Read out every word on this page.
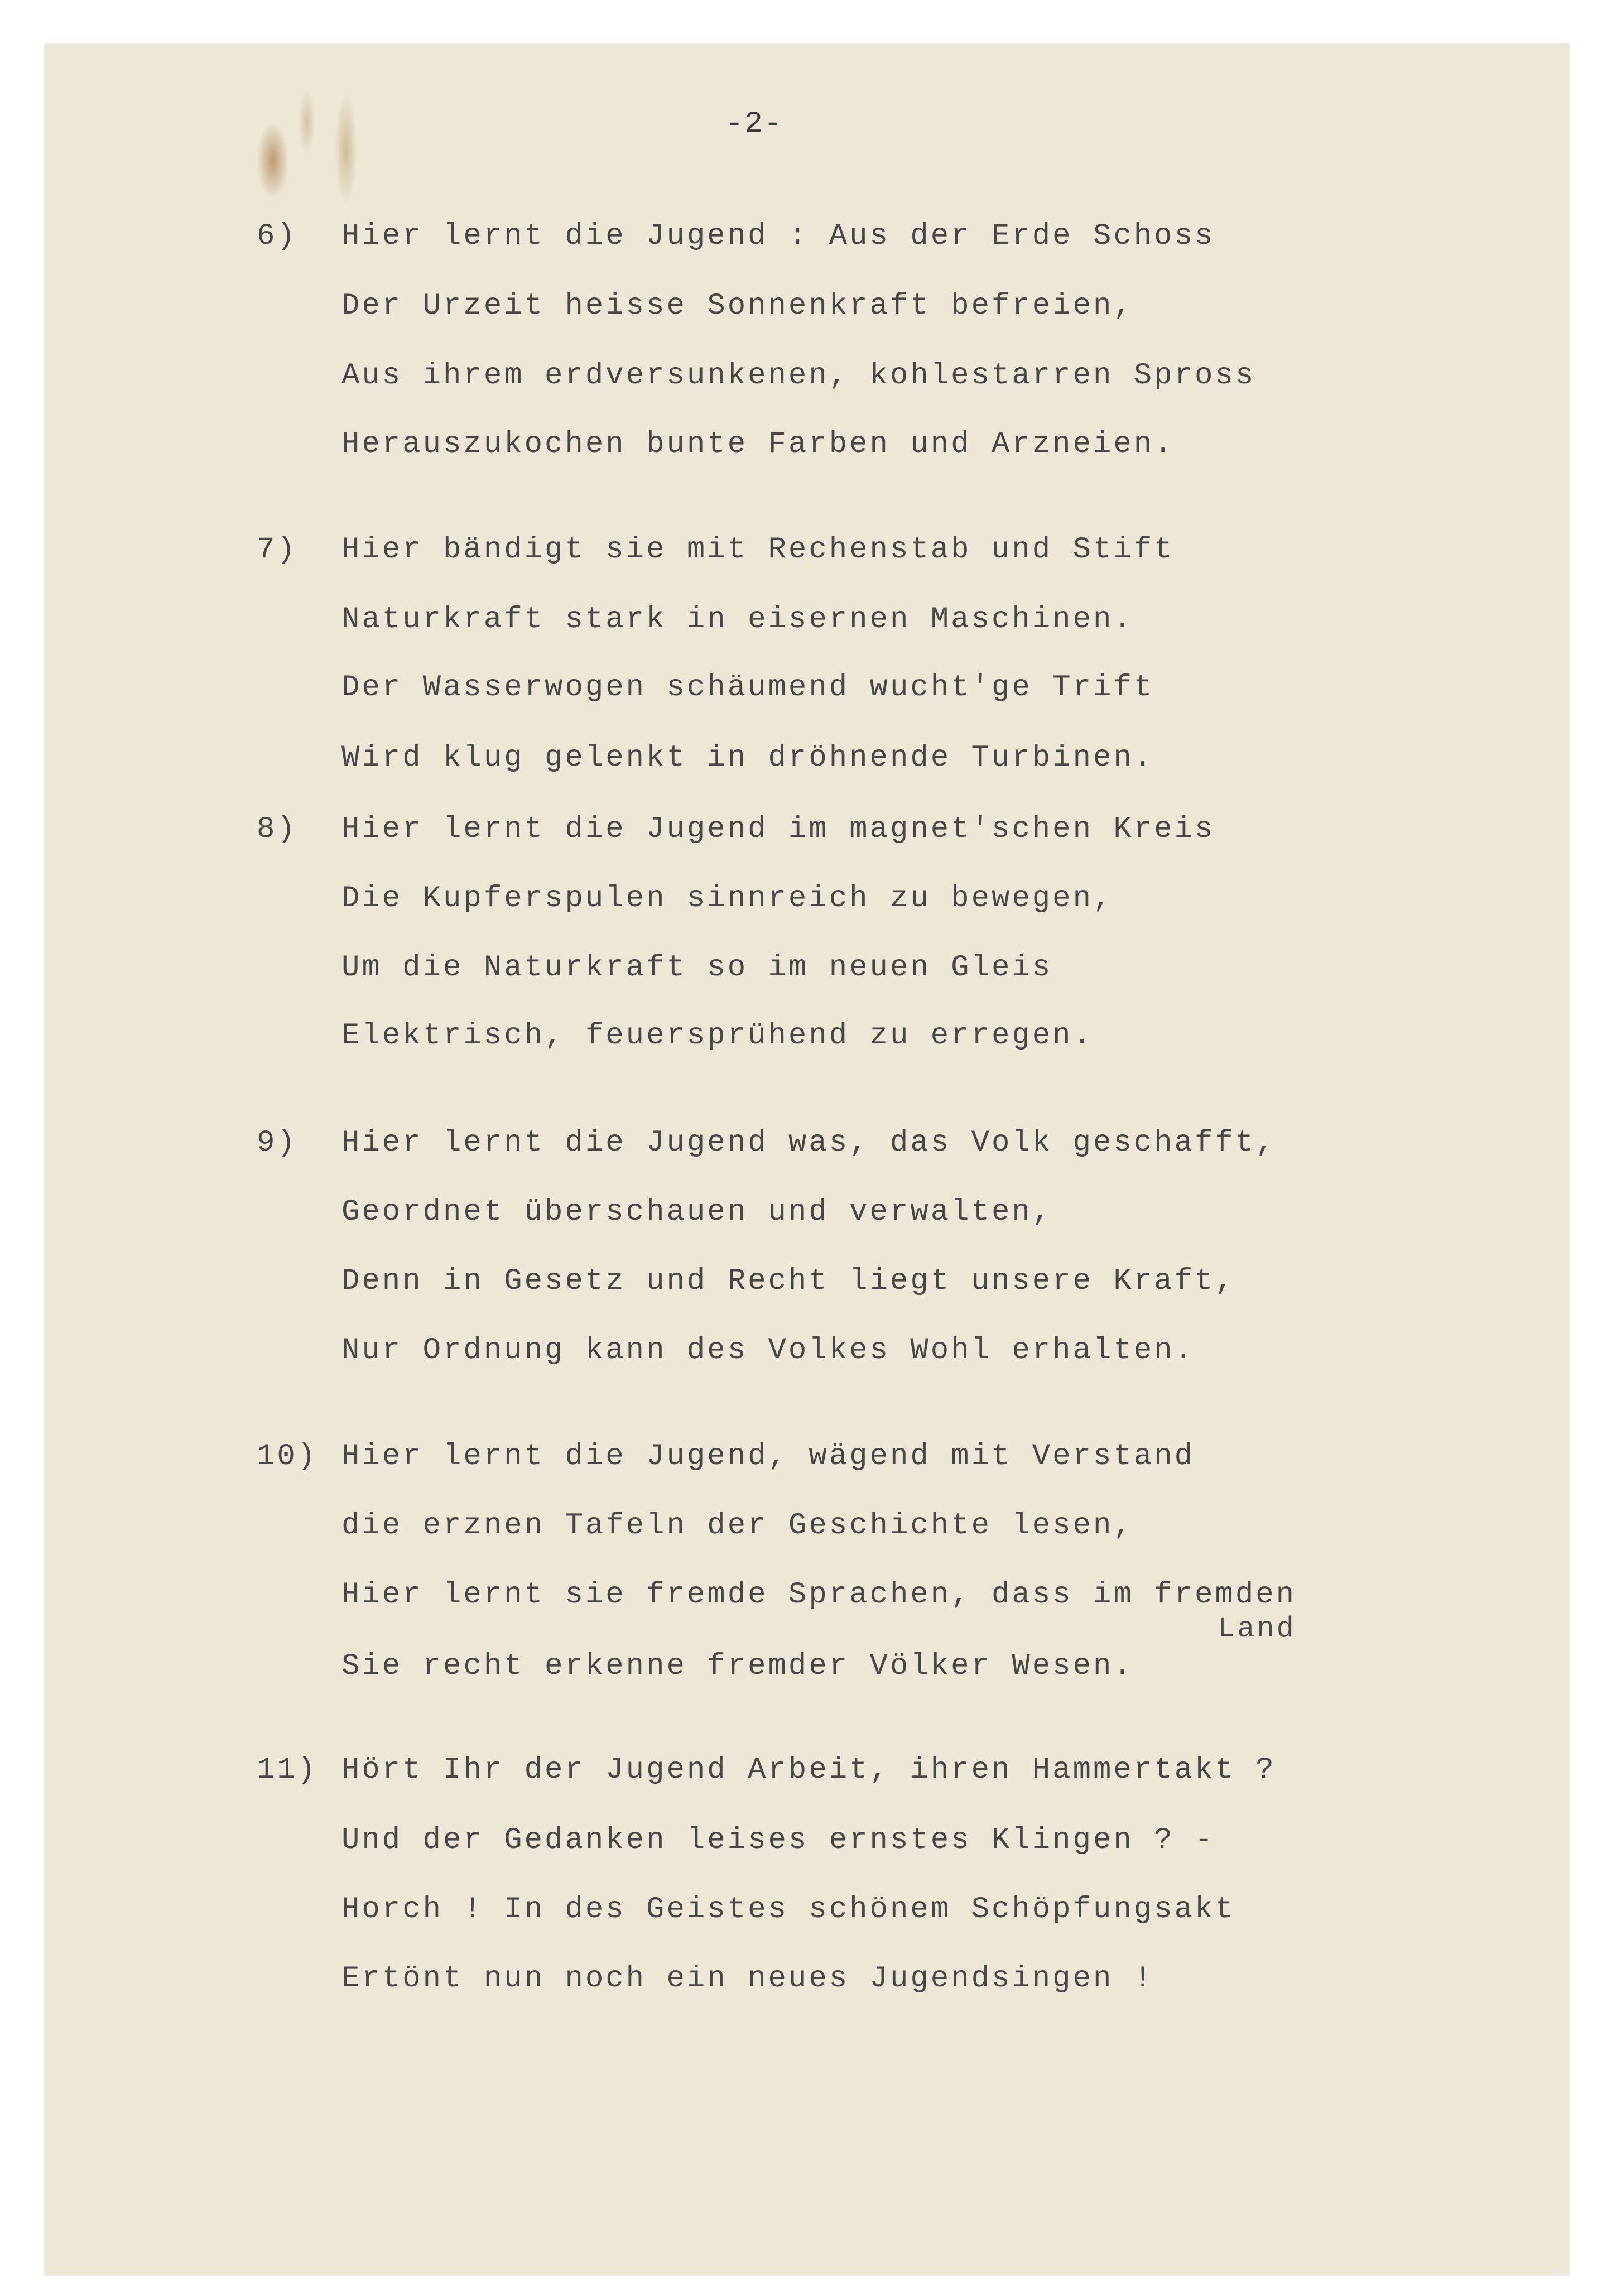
-2-
6) Hier lernt die Jugend : Aus der Erde Schoss
Der Urzeit heisse Sonnenkraft befreien,
Aus ihrem erdversunkenen, kohlestarren Spross
Herauszukochen bunte Farben und Arzneien.
7) Hier bändigt sie mit Rechenstab und Stift
Naturkraft stark in eisernen Maschinen.
Der Wasserwogen schäumend wucht'ge Trift
Wird klug gelenkt in dröhnende Turbinen.
8) Hier lernt die Jugend im magnet'schen Kreis
Die Kupferspulen sinnreich zu bewegen,
Um die Naturkraft so im neuen Gleis
Elektrisch, feuersprühend zu erregen.
9) Hier lernt die Jugend was, das Volk geschafft,
Geordnet überschauen und verwalten,
Denn in Gesetz und Recht liegt unsere Kraft,
Nur Ordnung kann des Volkes Wohl erhalten.
10) Hier lernt die Jugend, wägend mit Verstand
die erznen Tafeln der Geschichte lesen,
Hier lernt sie fremde Sprachen, dass im fremden
Land
Sie recht erkenne fremder Völker Wesen.
11) Hört Ihr der Jugend Arbeit, ihren Hammertakt ?
Und der Gedanken leises ernstes Klingen ? -
Horch ! In des Geistes schönem Schöpfungsakt
Ertönt nun noch ein neues Jugendsingen !
